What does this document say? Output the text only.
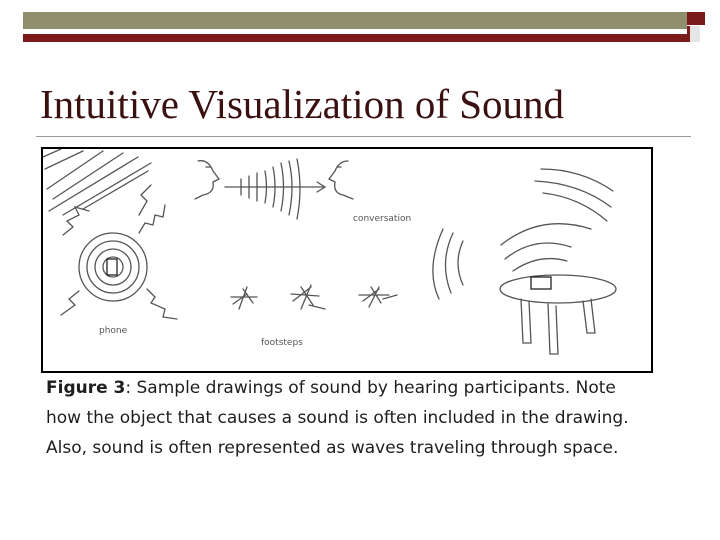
Intuitive Visualization of Sound
conversation
phone
footsteps
Figure 3: Sample drawings of sound by hearing participants. Note how the object that causes a sound is often included in the drawing. Also, sound is often represented as waves traveling through space.
